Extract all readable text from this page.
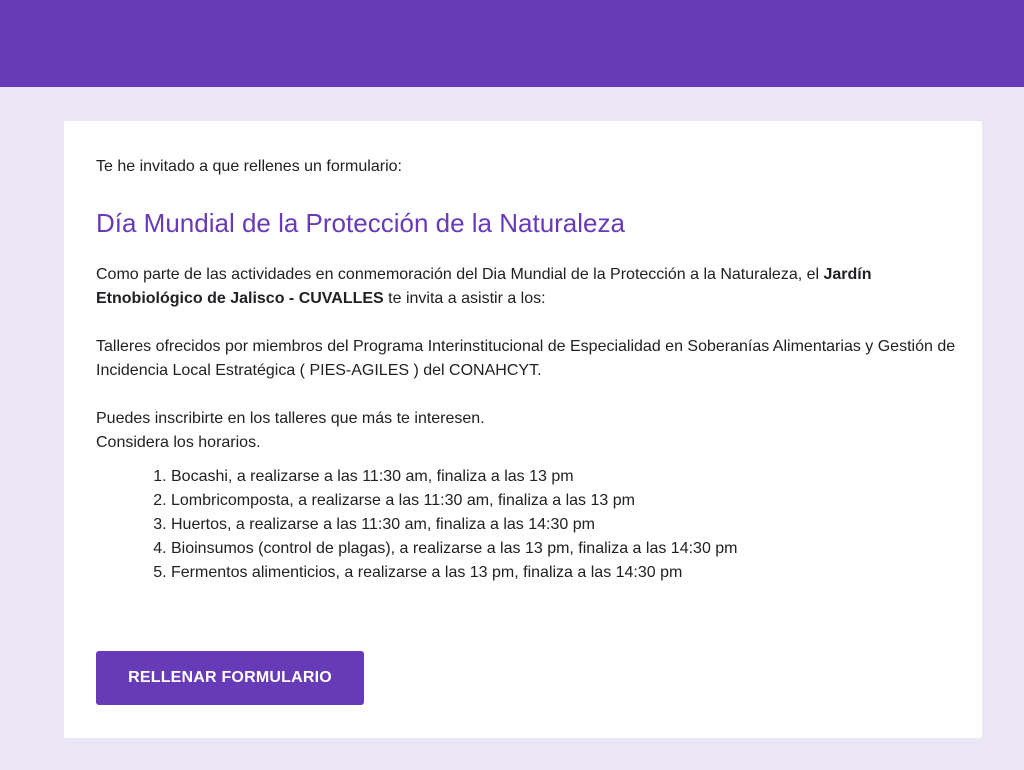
Te he invitado a que rellenes un formulario:

Día Mundial de la Protección de la Naturaleza

Como parte de las actividades en conmemoración del Dia Mundial de la Protección a la Naturaleza, el Jardín Etnobiológico de Jalisco - CUVALLES te invita a asistir a los:

Talleres ofrecidos por miembros del Programa Interinstitucional de Especialidad en Soberanías Alimentarias y Gestión de Incidencia Local Estratégica ( PIES-AGILES ) del CONAHCYT.

Puedes inscribirte en los talleres que más te interesen.

Considera los horarios.

1. Bocashi, a realizarse a las 11:30 am, finaliza a las 13 pm
2. Lombricomposta, a realizarse a las 11:30 am, finaliza a las 13 pm
3. Huertos, a realizarse a las 11:30 am, finaliza a las 14:30 pm
4. Bioinsumos (control de plagas), a realizarse a las 13 pm, finaliza a las 14:30 pm
5. Fermentos alimenticios, a realizarse a las 13 pm, finaliza a las 14:30 pm
RELLENAR FORMULARIO
